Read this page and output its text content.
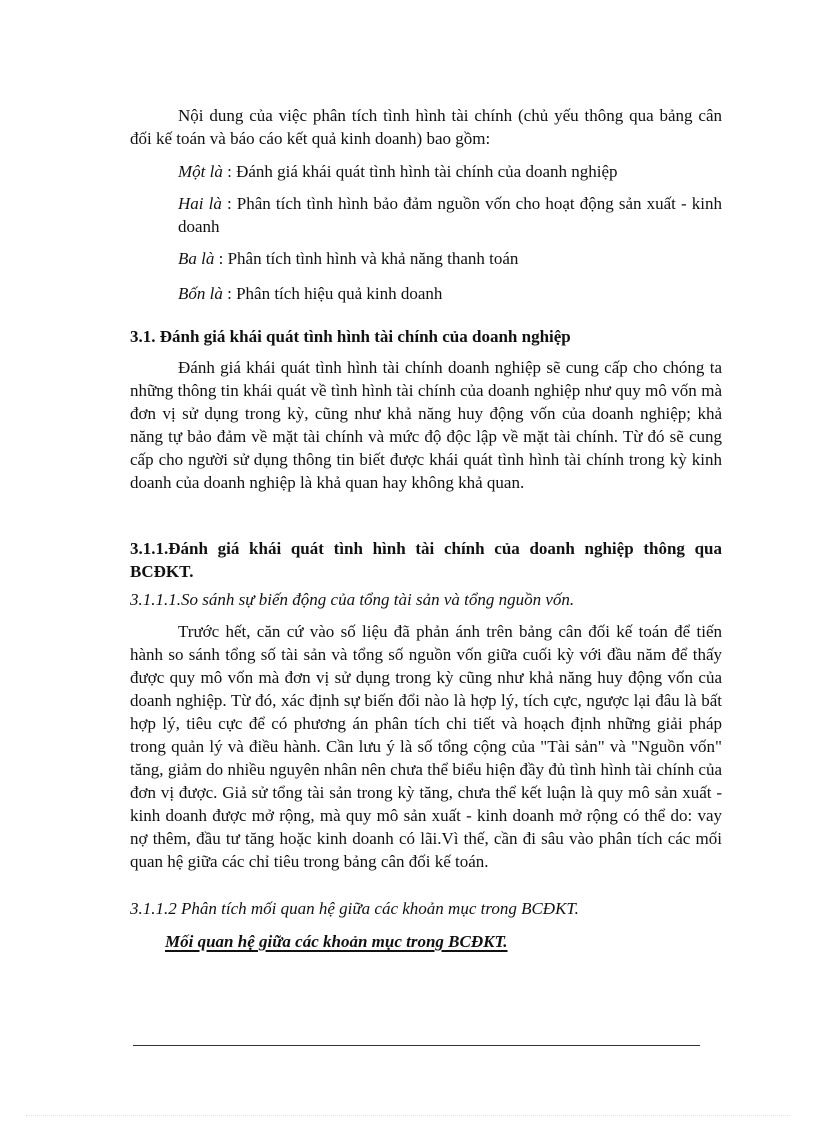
Nội dung của việc phân tích tình hình tài chính (chủ yếu thông qua bảng cân đối kế toán và báo cáo kết quả kinh doanh) bao gồm:

Một là : Đánh giá khái quát tình hình tài chính của doanh nghiệp

Hai là : Phân tích tình hình bảo đảm nguồn vốn cho hoạt động sản xuất - kinh doanh

Ba là : Phân tích tình hình và khả năng thanh toán

Bốn là : Phân tích hiệu quả kinh doanh

3.1. Đánh giá khái quát tình hình tài chính của doanh nghiệp

Đánh giá khái quát tình hình tài chính doanh nghiệp sẽ cung cấp cho chóng ta những thông tin khái quát về tình hình tài chính của doanh nghiệp như quy mô vốn mà đơn vị sử dụng trong kỳ, cũng như khả năng huy động vốn của doanh nghiệp; khả năng tự bảo đảm về mặt tài chính và mức độ độc lập về mặt tài chính. Từ đó sẽ cung cấp cho người sử dụng thông tin biết được khái quát tình hình tài chính trong kỳ kinh doanh của doanh nghiệp là khả quan hay không khả quan.

3.1.1.Đánh giá khái quát tình hình tài chính của doanh nghiệp thông qua BCĐKT.

3.1.1.1.So sánh sự biến động của tổng tài sản và tổng nguồn vốn.

Trước hết, căn cứ vào số liệu đã phản ánh trên bảng cân đối kế toán để tiến hành so sánh tổng số tài sản và tổng số nguồn vốn giữa cuối kỳ với đầu năm để thấy được quy mô vốn mà đơn vị sử dụng trong kỳ cũng như khả năng huy động vốn của doanh nghiệp. Từ đó, xác định sự biến đổi nào là hợp lý, tích cực, ngược lại đâu là bất hợp lý, tiêu cực để có phương án phân tích chi tiết và hoạch định những giải pháp trong quản lý và điều hành. Cần lưu ý là số tổng cộng của "Tài sản" và "Nguồn vốn" tăng, giảm do nhiều nguyên nhân nên chưa thể biểu hiện đầy đủ tình hình tài chính của đơn vị được. Giả sử tổng tài sản trong kỳ tăng, chưa thể kết luận là quy mô sản xuất - kinh doanh được mở rộng, mà quy mô sản xuất - kinh doanh mở rộng có thể do: vay nợ thêm, đầu tư tăng hoặc kinh doanh có lãi.Vì thế, cần đi sâu vào phân tích các mối quan hệ giữa các chỉ tiêu trong bảng cân đối kế toán.

3.1.1.2 Phân tích mối quan hệ giữa các khoản mục trong BCĐKT.

Mối quan hệ giữa các khoản mục trong BCĐKT.
